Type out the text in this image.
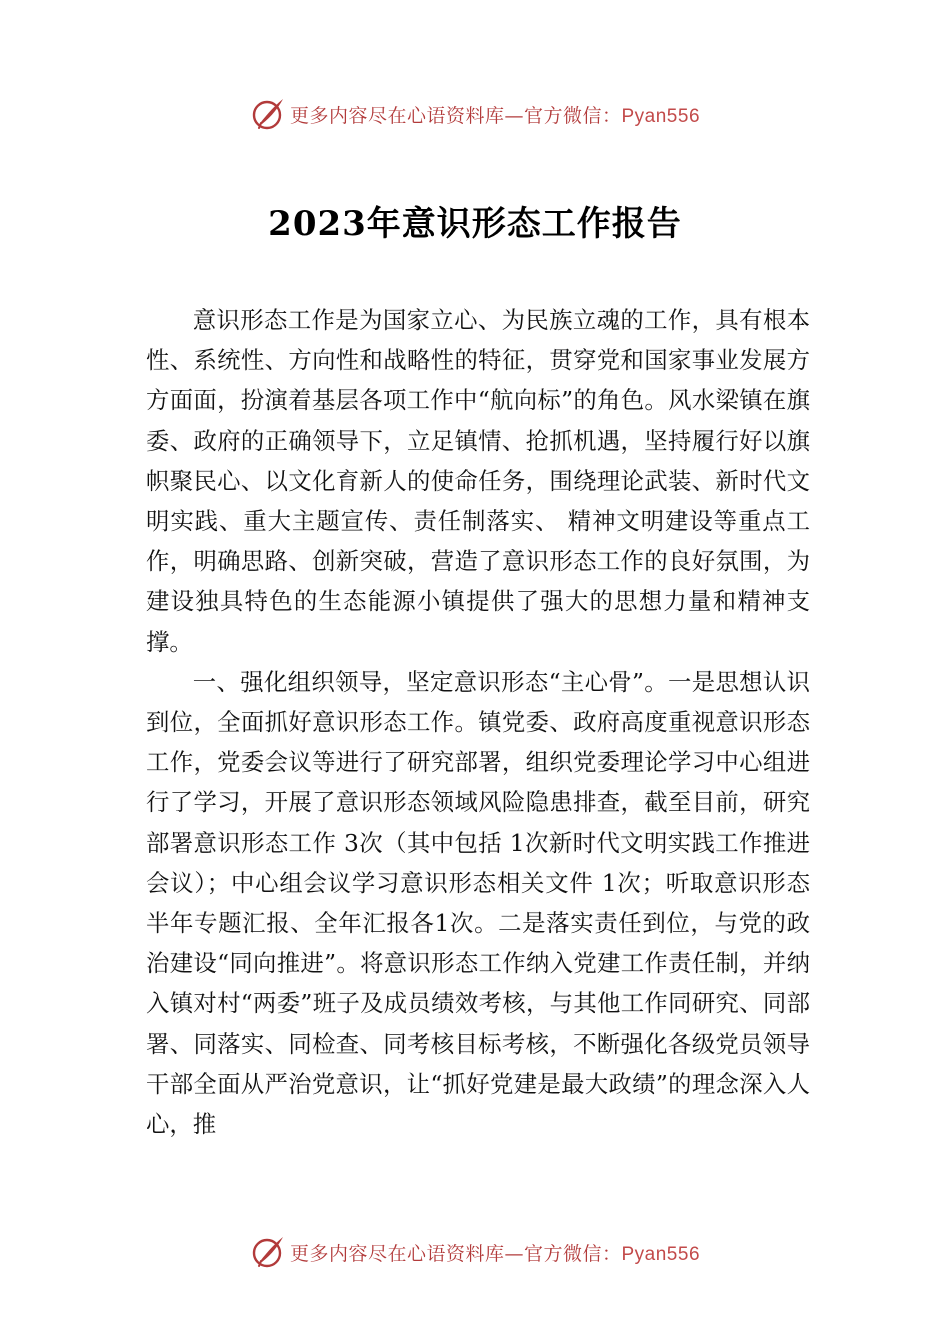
更多内容尽在心语资料库—官方微信：Pyan556
2023年意识形态工作报告

意识形态工作是为国家立心、为民族立魂的工作，具有根本性、系统性、方向性和战略性的特征，贯穿党和国家事业发展方方面面，扮演着基层各项工作中“航向标”的角色。风水梁镇在旗委、政府的正确领导下，立足镇情、抢抓机遇，坚持履行好以旗帜聚民心、以文化育新人的使命任务，围绕理论武装、新时代文明实践、重大主题宣传、责任制落实、 精神文明建设等重点工作，明确思路、创新突破，营造了意识形态工作的良好氛围，为建设独具特色的生态能源小镇提供了强大的思想力量和精神支撑。

一、强化组织领导，坚定意识形态“主心骨”。一是思想认识到位，全面抓好意识形态工作。镇党委、政府高度重视意识形态工作，党委会议等进行了研究部署，组织党委理论学习中心组进行了学习，开展了意识形态领域风险隐患排查，截至目前，研究部署意识形态工作 3次（其中包括 1次新时代文明实践工作推进会议）；中心组会议学习意识形态相关文件 1次；听取意识形态半年专题汇报、全年汇报各1次。二是落实责任到位，与党的政治建设“同向推进”。将意识形态工作纳入党建工作责任制，并纳入镇对村“两委”班子及成员绩效考核，与其他工作同研究、同部署、同落实、同检查、同考核目标考核，不断强化各级党员领导干部全面从严治党意识，让“抓好党建是最大政绩”的理念深入人心，推

更多内容尽在心语资料库—官方微信：Pyan556
